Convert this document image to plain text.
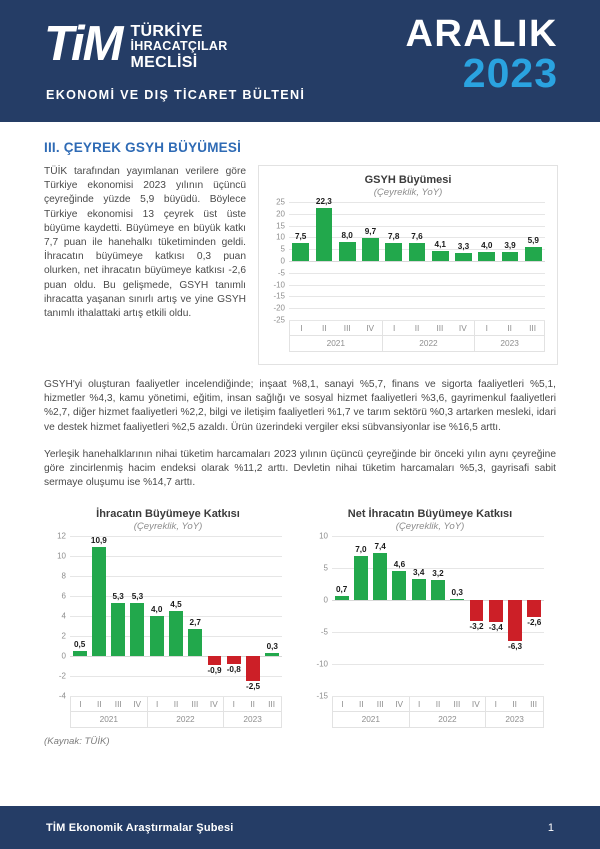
TiM TÜRKİYE
İHRACATÇILAR
MECLİSİ
EKONOMİ VE DIŞ TİCARET BÜLTENİ
ARALIK
2023
III. ÇEYREK GSYH BÜYÜMESİ

TÜİK tarafından yayımlanan verilere göre Türkiye ekonomisi 2023 yılının üçüncü çeyreğinde yüzde 5,9 büyüdü. Böylece Türkiye ekonomisi 13 çeyrek üst üste büyüme kaydetti. Büyümeye en büyük katkı 7,7 puan ile hanehalkı tüketiminden geldi. İhracatın büyümeye katkısı 0,3 puan olurken, net ihracatın büyümeye katkısı -2,6 puan oldu. Bu gelişmede, GSYH tanımlı ihracatta yaşanan sınırlı artış ve yine GSYH tanımlı ithalattaki artış etkili oldu.

GSYH Büyümesi
(Çeyreklik, YoY)
25
20
15
10
5
0
-5
-10
-15
-20
-25
7,5
22,3
8,0	9,7	7,8	7,6
4,1	3,3	4,0	3,9
5,9
I	II	III	IV
2021
I	II	III	IV
2022
I	II	III
2023

GSYH'yi oluşturan faaliyetler incelendiğinde; inşaat %8,1, sanayi %5,7, finans ve sigorta faaliyetleri %5,1, hizmetler %4,3, kamu yönetimi, eğitim, insan sağlığı ve sosyal hizmet faaliyetleri %3,6, gayrimenkul faaliyetleri %2,7, diğer hizmet faaliyetleri %2,2, bilgi ve iletişim faaliyetleri %1,7 ve tarım sektörü %0,3 artarken mesleki, idari ve destek hizmet faaliyetleri %2,5 azaldı. Ürün üzerindeki vergiler eksi sübvansiyonlar ise %16,5 arttı.

Yerleşik hanehalklarının nihai tüketim harcamaları 2023 yılının üçüncü çeyreğinde bir önceki yılın aynı çeyreğine göre zincirlenmiş hacim endeksi olarak %11,2 arttı. Devletin nihai tüketim harcamaları %5,3, gayrisafi sabit sermaye oluşumu ise %14,7 arttı.

İhracatın Büyümeye Katkısı
(Çeyreklik, YoY)
12
10
8
6
4
2
0
-2
-4
0,5
10,9
5,3 5,3
4,0
4,5
2,7
-0,9 -0,8
-2,5
0,3
I	II	III	IV
2021
I	II	III	IV
2022
I	II	III
2023
(Kaynak: TÜİK)
Net İhracatın Büyümeye Katkısı
(Çeyreklik, YoY)
10
5
0
-5
-10
-15
0,7
7,0 7,4
4,6
3,4 3,2
0,3
-3,2 -3,4
-6,3
-2,6
I	II	III	IV
2021
I	II	III	IV
2022
I	II	III
2023
TİM Ekonomik Araştırmalar Şubesi	1
